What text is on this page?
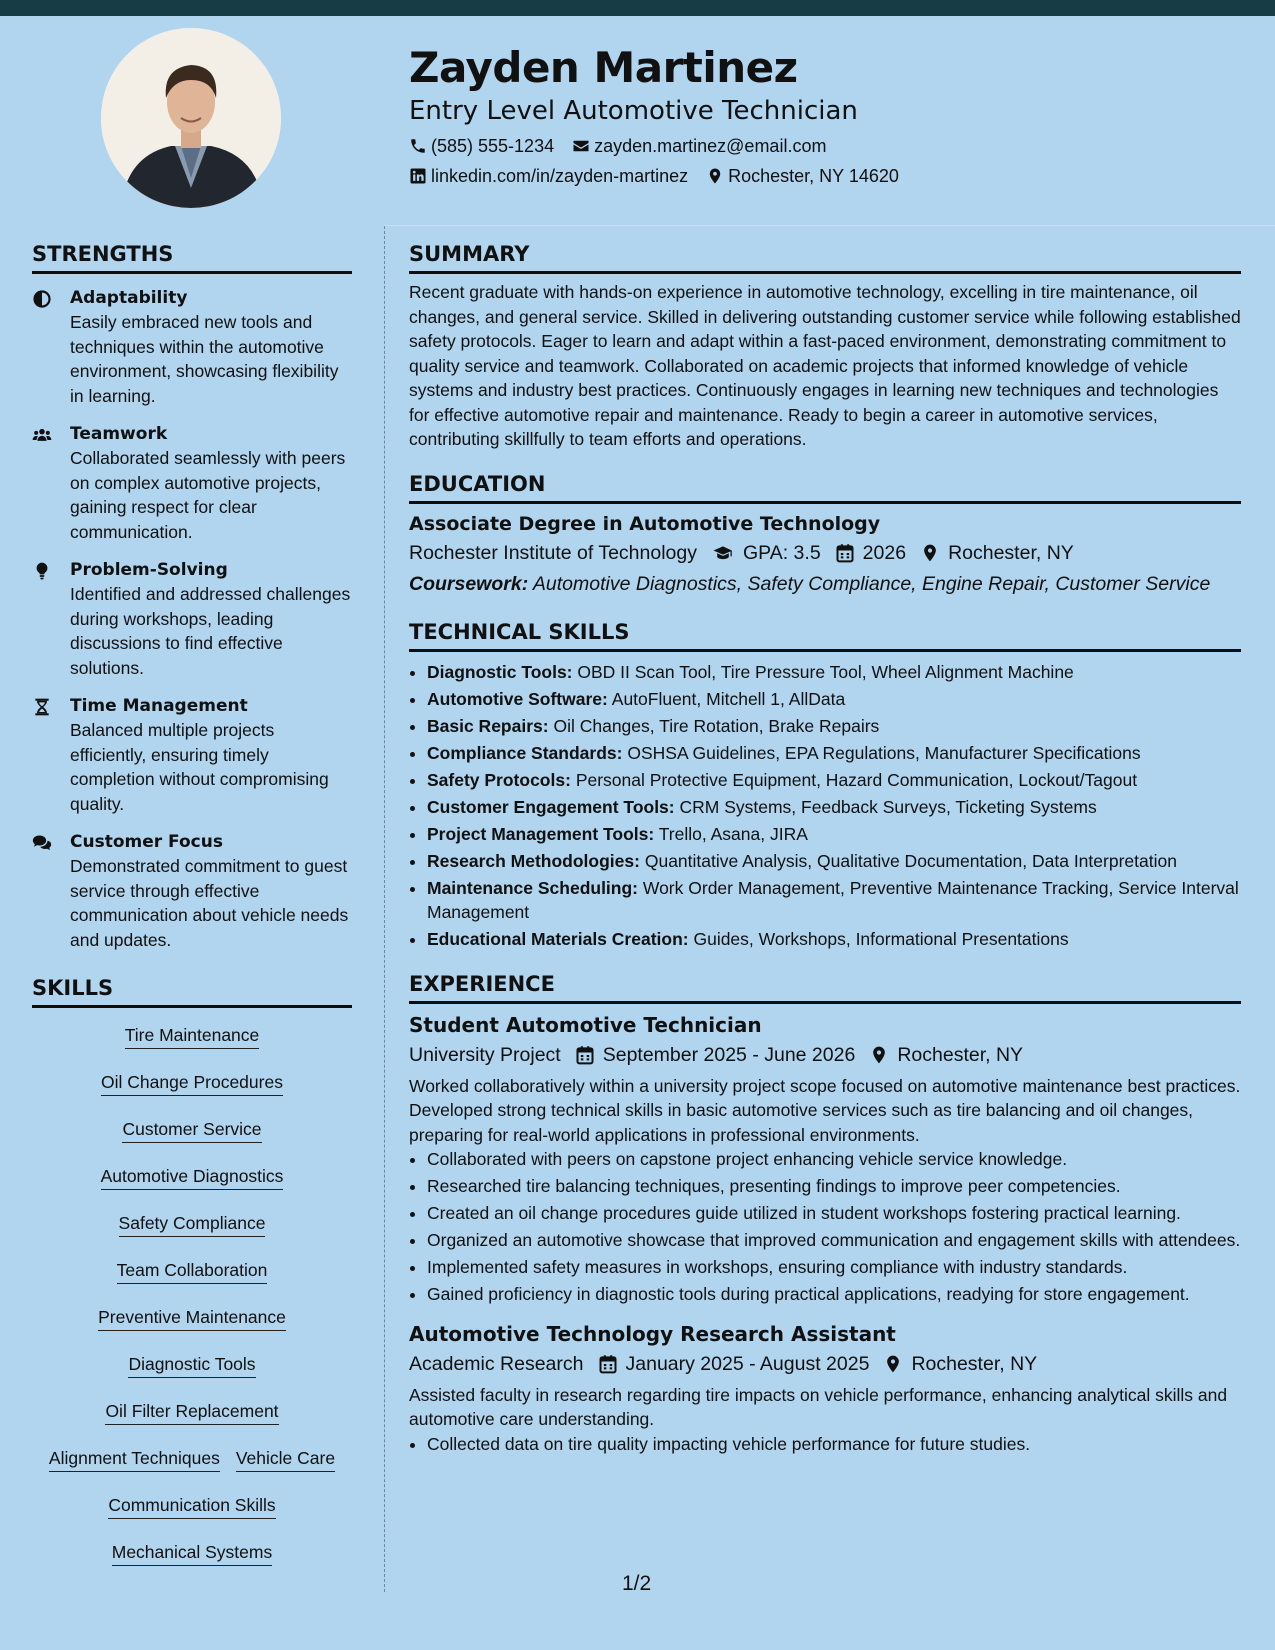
Zayden Martinez
Entry Level Automotive Technician
(585) 555-1234 zayden.martinez@email.com
linkedin.com/in/zayden-martinez Rochester, NY 14620
STRENGTHS
Adaptability
Easily embraced new tools and techniques within the automotive environment, showcasing flexibility in learning.
Teamwork
Collaborated seamlessly with peers on complex automotive projects, gaining respect for clear communication.
Problem-Solving
Identified and addressed challenges during workshops, leading discussions to find effective solutions.
Time Management
Balanced multiple projects efficiently, ensuring timely completion without compromising quality.
Customer Focus
Demonstrated commitment to guest service through effective communication about vehicle needs and updates.
SKILLS
Tire Maintenance
Oil Change Procedures
Customer Service
Automotive Diagnostics
Safety Compliance
Team Collaboration
Preventive Maintenance
Diagnostic Tools
Oil Filter Replacement
Alignment Techniques Vehicle Care
Communication Skills
Mechanical Systems
SUMMARY
Recent graduate with hands-on experience in automotive technology, excelling in tire maintenance, oil changes, and general service. Skilled in delivering outstanding customer service while following established safety protocols. Eager to learn and adapt within a fast-paced environment, demonstrating commitment to quality service and teamwork. Collaborated on academic projects that informed knowledge of vehicle systems and industry best practices. Continuously engages in learning new techniques and technologies for effective automotive repair and maintenance. Ready to begin a career in automotive services, contributing skillfully to team efforts and operations.
EDUCATION
Associate Degree in Automotive Technology
Rochester Institute of Technology GPA: 3.5 2026 Rochester, NY
Coursework: Automotive Diagnostics, Safety Compliance, Engine Repair, Customer Service
TECHNICAL SKILLS
• Diagnostic Tools: OBD II Scan Tool, Tire Pressure Tool, Wheel Alignment Machine
• Automotive Software: AutoFluent, Mitchell 1, AllData
• Basic Repairs: Oil Changes, Tire Rotation, Brake Repairs
• Compliance Standards: OSHSA Guidelines, EPA Regulations, Manufacturer Specifications
• Safety Protocols: Personal Protective Equipment, Hazard Communication, Lockout/Tagout
• Customer Engagement Tools: CRM Systems, Feedback Surveys, Ticketing Systems
• Project Management Tools: Trello, Asana, JIRA
• Research Methodologies: Quantitative Analysis, Qualitative Documentation, Data Interpretation
• Maintenance Scheduling: Work Order Management, Preventive Maintenance Tracking, Service Interval Management
• Educational Materials Creation: Guides, Workshops, Informational Presentations
EXPERIENCE
Student Automotive Technician
University Project September 2025 - June 2026 Rochester, NY
Worked collaboratively within a university project scope focused on automotive maintenance best practices. Developed strong technical skills in basic automotive services such as tire balancing and oil changes, preparing for real-world applications in professional environments.
• Collaborated with peers on capstone project enhancing vehicle service knowledge.
• Researched tire balancing techniques, presenting findings to improve peer competencies.
• Created an oil change procedures guide utilized in student workshops fostering practical learning.
• Organized an automotive showcase that improved communication and engagement skills with attendees.
• Implemented safety measures in workshops, ensuring compliance with industry standards.
• Gained proficiency in diagnostic tools during practical applications, readying for store engagement.
Automotive Technology Research Assistant
Academic Research January 2025 - August 2025 Rochester, NY
Assisted faculty in research regarding tire impacts on vehicle performance, enhancing analytical skills and automotive care understanding.
• Collected data on tire quality impacting vehicle performance for future studies.
1/2
